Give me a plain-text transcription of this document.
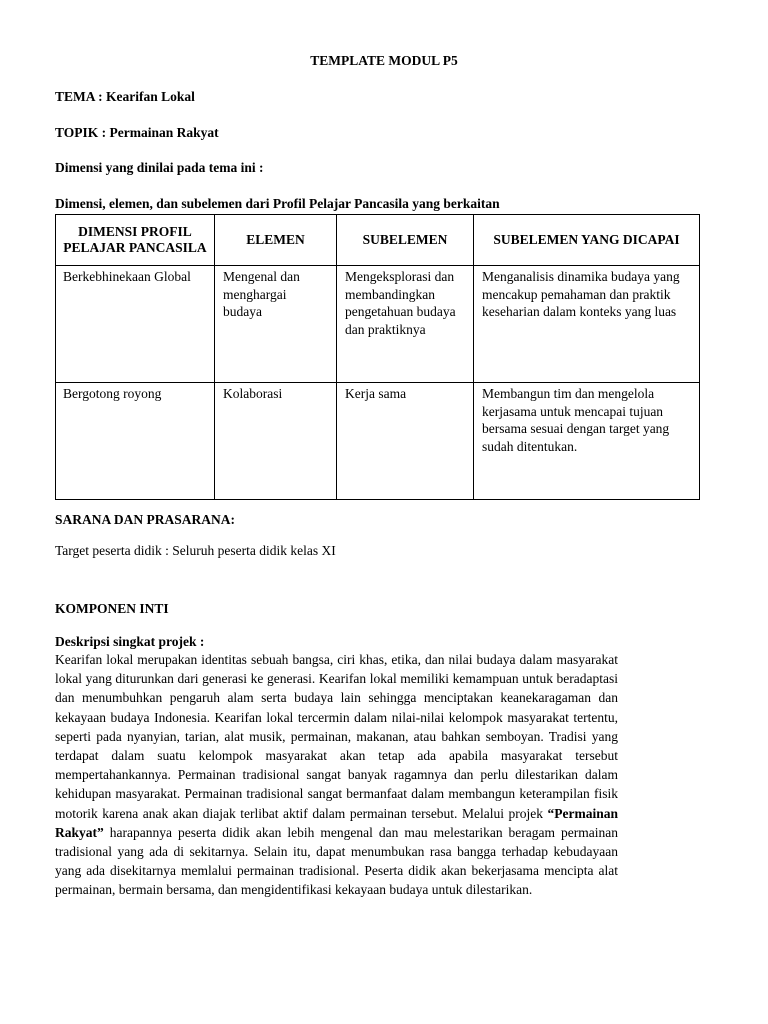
TEMPLATE MODUL P5
TEMA : Kearifan Lokal
TOPIK : Permainan Rakyat
Dimensi yang dinilai pada tema ini :
Dimensi, elemen, dan subelemen dari Profil Pelajar Pancasila yang berkaitan
DIMENSI PROFIL PELAJAR PANCASILA	ELEMEN	SUBELEMEN	SUBELEMEN YANG DICAPAI
Berkebhinekaan Global	Mengenal dan menghargai budaya	Mengeksplorasi dan membandingkan pengetahuan budaya dan praktiknya	Menganalisis dinamika budaya yang mencakup pemahaman dan praktik keseharian dalam konteks yang luas
Bergotong royong	Kolaborasi	Kerja sama	Membangun tim dan mengelola kerjasama untuk mencapai tujuan bersama sesuai dengan target yang sudah ditentukan.
SARANA DAN PRASARANA:
Target peserta didik : Seluruh peserta didik kelas XI
KOMPONEN INTI
Deskripsi singkat projek :
Kearifan lokal merupakan identitas sebuah bangsa, ciri khas, etika, dan nilai budaya dalam masyarakat lokal yang diturunkan dari generasi ke generasi. Kearifan lokal memiliki kemampuan untuk beradaptasi dan menumbuhkan pengaruh alam serta budaya lain sehingga menciptakan keanekaragaman dan kekayaan budaya Indonesia. Kearifan lokal tercermin dalam nilai-nilai kelompok masyarakat tertentu, seperti pada nyanyian, tarian, alat musik, permainan, makanan, atau bahkan semboyan. Tradisi yang terdapat dalam suatu kelompok masyarakat akan tetap ada apabila masyarakat tersebut mempertahankannya. Permainan tradisional sangat banyak ragamnya dan perlu dilestarikan dalam kehidupan masyarakat. Permainan tradisional sangat bermanfaat dalam membangun keterampilan fisik motorik karena anak akan diajak terlibat aktif dalam permainan tersebut. Melalui projek “Permainan Rakyat” harapannya peserta didik akan lebih mengenal dan mau melestarikan beragam permainan tradisional yang ada di sekitarnya. Selain itu, dapat menumbukan rasa bangga terhadap kebudayaan yang ada disekitarnya memlalui permainan tradisional. Peserta didik akan bekerjasama mencipta alat permainan, bermain bersama, dan mengidentifikasi kekayaan budaya untuk dilestarikan.
